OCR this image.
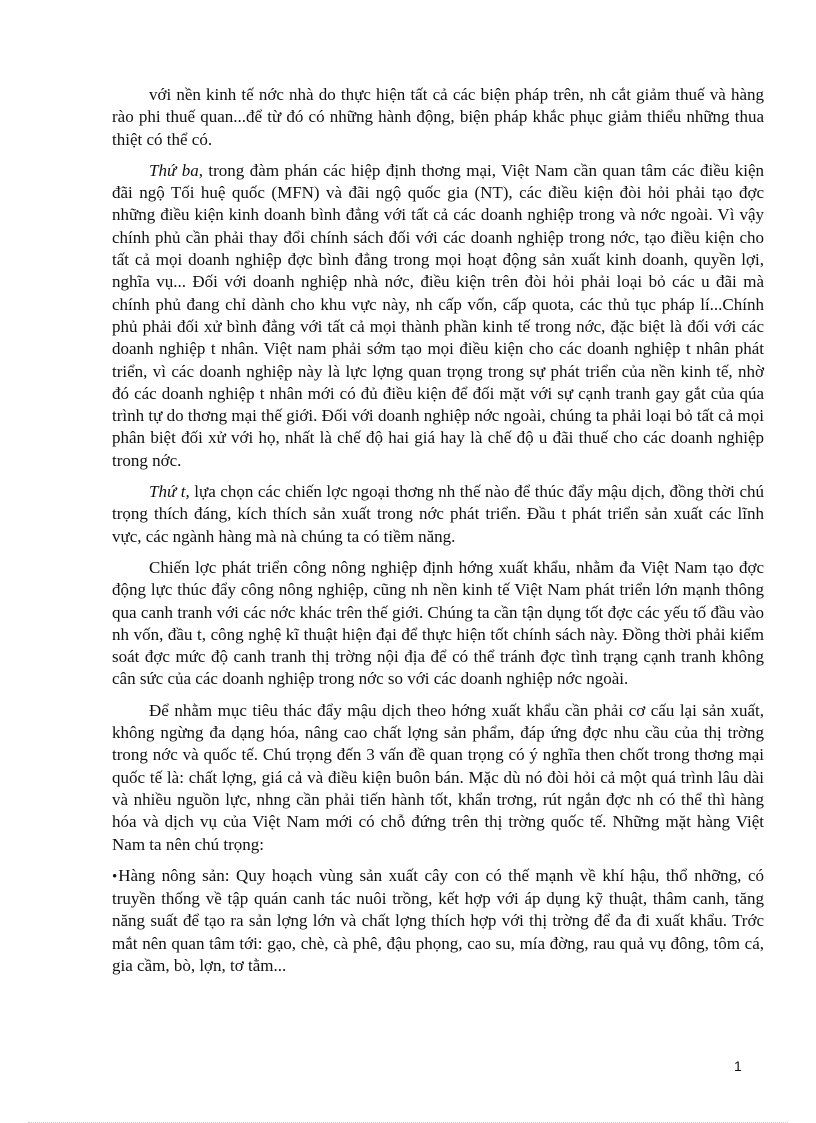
với nền kinh tế nớc nhà do thực hiện tất cả các biện pháp trên, nh cắt giảm thuế và hàng rào phi thuế quan...để từ đó có những hành động, biện pháp khắc phục giảm thiểu những thua thiệt có thể có.

Thứ ba, trong đàm phán các hiệp định thơng mại, Việt Nam cần quan tâm các điều kiện đãi ngộ Tối huệ quốc (MFN) và đãi ngộ quốc gia (NT), các điều kiện đòi hỏi phải tạo đợc những điều kiện kinh doanh bình đẳng với tất cả các doanh nghiệp trong và nớc ngoài. Vì vậy chính phủ cần phải thay đổi chính sách đối với các doanh nghiệp trong nớc, tạo điều kiện cho tất cả mọi doanh nghiệp đợc bình đẳng trong mọi hoạt động sản xuất kinh doanh, quyền lợi, nghĩa vụ... Đối với doanh nghiệp nhà nớc, điều kiện trên đòi hỏi phải loại bỏ các u đãi mà chính phủ đang chỉ dành cho khu vực này, nh cấp vốn, cấp quota, các thủ tục pháp lí...Chính phủ phải đối xử bình đẳng với tất cả mọi thành phần kinh tế trong nớc, đặc biệt là đối với các doanh nghiệp t nhân. Việt nam phải sớm tạo mọi điều kiện cho các doanh nghiệp t nhân phát triển, vì các doanh nghiệp này là lực lợng quan trọng trong sự phát triển của nền kinh tế, nhờ đó các doanh nghiệp t nhân mới có đủ điều kiện để đối mặt với sự cạnh tranh gay gắt của qúa trình tự do thơng mại thế giới. Đối với doanh nghiệp nớc ngoài, chúng ta phải loại bỏ tất cả mọi phân biệt đối xử với họ, nhất là chế độ hai giá hay là chế độ u đãi thuế cho các doanh nghiệp trong nớc.

Thứ t, lựa chọn các chiến lợc ngoại thơng nh thế nào để thúc đẩy mậu dịch, đồng thời chú trọng thích đáng, kích thích sản xuất trong nớc phát triển. Đầu t phát triển sản xuất các lĩnh vực, các ngành hàng mà nà chúng ta có tiềm năng.

Chiến lợc phát triển công nông nghiệp định hớng xuất khẩu, nhằm đa Việt Nam tạo đợc động lực thúc đẩy công nông nghiệp, cũng nh nền kinh tế Việt Nam phát triển lớn mạnh thông qua canh tranh với các nớc khác trên thế giới. Chúng ta cần tận dụng tốt đợc các yếu tố đầu vào nh vốn, đầu t, công nghệ kĩ thuật hiện đại để thực hiện tốt chính sách này. Đồng thời phải kiểm soát đợc mức độ canh tranh thị trờng nội địa để có thể tránh đợc tình trạng cạnh tranh không cân sức của các doanh nghiệp trong nớc so với các doanh nghiệp nớc ngoài.

Để nhằm mục tiêu thác đẩy mậu dịch theo hớng xuất khẩu cần phải cơ cấu lại sản xuất, không ngừng đa dạng hóa, nâng cao chất lợng sản phẩm, đáp ứng đợc nhu cầu của thị trờng trong nớc và quốc tế. Chú trọng đến 3 vấn đề quan trọng có ý nghĩa then chốt trong thơng mại quốc tế là: chất lợng, giá cả và điều kiện buôn bán. Mặc dù nó đòi hỏi cả một quá trình lâu dài và nhiều nguồn lực, nhng cần phải tiến hành tốt, khẩn trơng, rút ngắn đợc nh có thể thì hàng hóa và dịch vụ của Việt Nam mới có chỗ đứng trên thị trờng quốc tế. Những mặt hàng Việt Nam ta nên chú trọng:

•Hàng nông sản: Quy hoạch vùng sản xuất cây con có thế mạnh về khí hậu, thổ nhỡng, có truyền thống về tập quán canh tác nuôi trồng, kết hợp với áp dụng kỹ thuật, thâm canh, tăng năng suất để tạo ra sản lợng lớn và chất lợng thích hợp với thị trờng để đa đi xuất khẩu. Trớc mắt nên quan tâm tới: gạo, chè, cà phê, đậu phọng, cao su, mía đờng, rau quả vụ đông, tôm cá, gia cầm, bò, lợn, tơ tằm...

1
